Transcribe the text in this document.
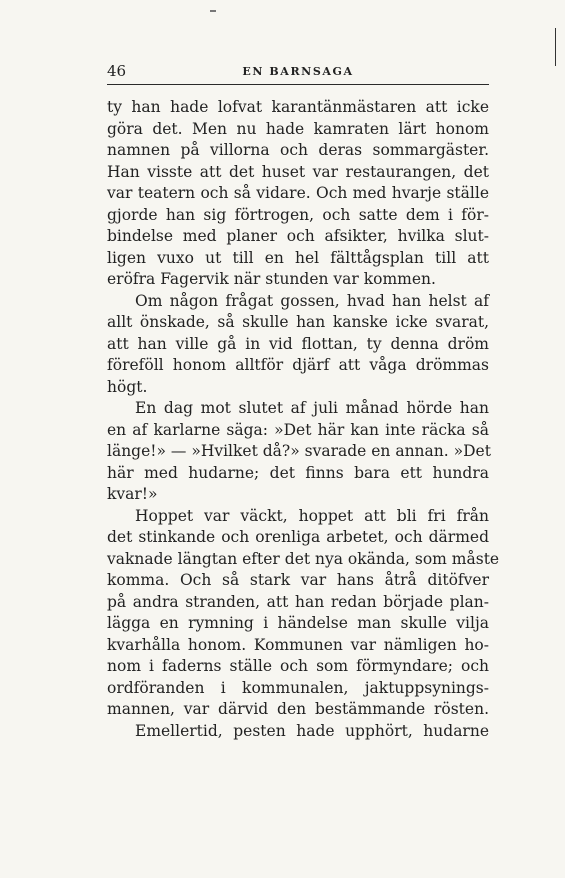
46	EN BARNSAGA
ty han hade lofvat karantänmästaren att icke
göra det. Men nu hade kamraten lärt honom
namnen på villorna och deras sommargäster.
Han visste att det huset var restaurangen, det
var teatern och så vidare. Och med hvarje ställe
gjorde han sig förtrogen, och satte dem i för-
bindelse med planer och afsikter, hvilka slut-
ligen vuxo ut till en hel fälttågsplan till att
eröfra Fagervik när stunden var kommen.
Om någon frågat gossen, hvad han helst af
allt önskade, så skulle han kanske icke svarat,
att han ville gå in vid flottan, ty denna dröm
föreföll honom alltför djärf att våga drömmas
högt.
En dag mot slutet af juli månad hörde han
en af karlarne säga: »Det här kan inte räcka så
länge!» — »Hvilket då?» svarade en annan. »Det
här med hudarne; det finns bara ett hundra
kvar!»
Hoppet var väckt, hoppet att bli fri från
det stinkande och orenliga arbetet, och därmed
vaknade längtan efter det nya okända, som måste
komma. Och så stark var hans åtrå ditöfver
på andra stranden, att han redan började plan-
lägga en rymning i händelse man skulle vilja
kvarhålla honom. Kommunen var nämligen ho-
nom i faderns ställe och som förmyndare; och
ordföranden i kommunalen, jaktuppsynings-
mannen, var därvid den bestämmande rösten.
Emellertid, pesten hade upphört, hudarne
